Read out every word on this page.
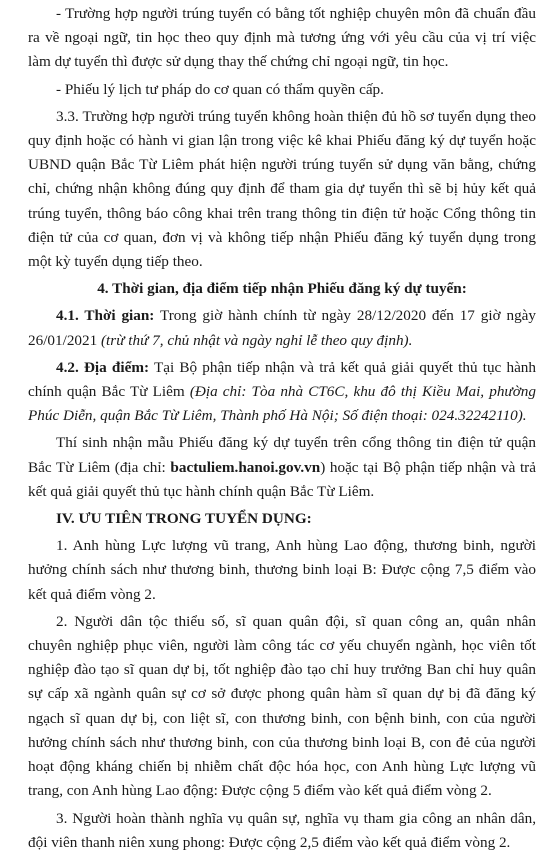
- Trường hợp người trúng tuyển có bằng tốt nghiệp chuyên môn đã chuẩn đầu ra về ngoại ngữ, tin học theo quy định mà tương ứng với yêu cầu của vị trí việc làm dự tuyển thì được sử dụng thay thế chứng chỉ ngoại ngữ, tin học.

- Phiếu lý lịch tư pháp do cơ quan có thẩm quyền cấp.

3.3. Trường hợp người trúng tuyển không hoàn thiện đủ hồ sơ tuyển dụng theo quy định hoặc có hành vi gian lận trong việc kê khai Phiếu đăng ký dự tuyển hoặc UBND quận Bắc Từ Liêm phát hiện người trúng tuyển sử dụng văn bằng, chứng chỉ, chứng nhận không đúng quy định để tham gia dự tuyển thì sẽ bị hủy kết quả trúng tuyển, thông báo công khai trên trang thông tin điện tử hoặc Cổng thông tin điện tử của cơ quan, đơn vị và không tiếp nhận Phiếu đăng ký tuyển dụng trong một kỳ tuyển dụng tiếp theo.

4. Thời gian, địa điểm tiếp nhận Phiếu đăng ký dự tuyển:

4.1. Thời gian: Trong giờ hành chính từ ngày 28/12/2020 đến 17 giờ ngày 26/01/2021 (trừ thứ 7, chủ nhật và ngày nghỉ lễ theo quy định).

4.2. Địa điểm: Tại Bộ phận tiếp nhận và trả kết quả giải quyết thủ tục hành chính quận Bắc Từ Liêm (Địa chỉ: Tòa nhà CT6C, khu đô thị Kiều Mai, phường Phúc Diễn, quận Bắc Từ Liêm, Thành phố Hà Nội; Số điện thoại: 024.32242110).

Thí sinh nhận mẫu Phiếu đăng ký dự tuyển trên cổng thông tin điện tử quận Bắc Từ Liêm (địa chỉ: bactuliem.hanoi.gov.vn) hoặc tại Bộ phận tiếp nhận và trả kết quả giải quyết thủ tục hành chính quận Bắc Từ Liêm.

IV. ƯU TIÊN TRONG TUYỂN DỤNG:

1. Anh hùng Lực lượng vũ trang, Anh hùng Lao động, thương binh, người hưởng chính sách như thương binh, thương binh loại B: Được cộng 7,5 điểm vào kết quả điểm vòng 2.

2. Người dân tộc thiểu số, sĩ quan quân đội, sĩ quan công an, quân nhân chuyên nghiệp phục viên, người làm công tác cơ yếu chuyển ngành, học viên tốt nghiệp đào tạo sĩ quan dự bị, tốt nghiệp đào tạo chỉ huy trưởng Ban chỉ huy quân sự cấp xã ngành quân sự cơ sở được phong quân hàm sĩ quan dự bị đã đăng ký ngạch sĩ quan dự bị, con liệt sĩ, con thương binh, con bệnh binh, con của người hưởng chính sách như thương binh, con của thương binh loại B, con đẻ của người hoạt động kháng chiến bị nhiễm chất độc hóa học, con Anh hùng Lực lượng vũ trang, con Anh hùng Lao động: Được cộng 5 điểm vào kết quả điểm vòng 2.

3. Người hoàn thành nghĩa vụ quân sự, nghĩa vụ tham gia công an nhân dân, đội viên thanh niên xung phong: Được cộng 2,5 điểm vào kết quả điểm vòng 2.
